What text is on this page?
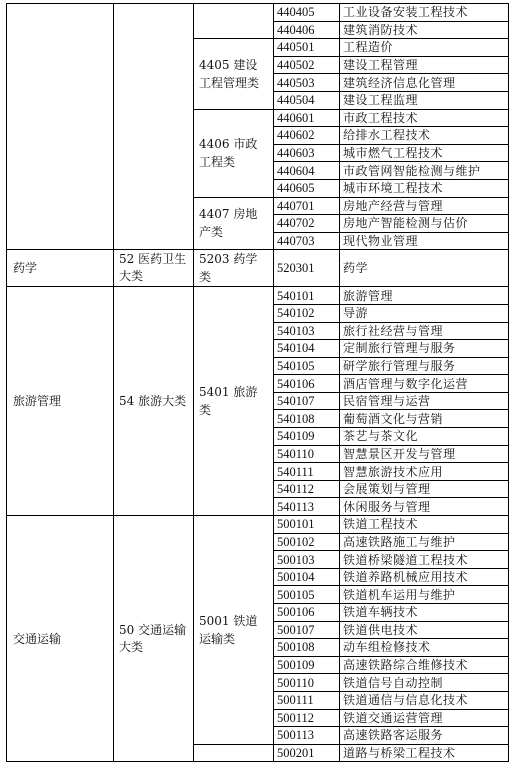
			440405	工业设备安装工程技术
			440406	建筑消防技术
		4405 建设工程管理类	440501	工程造价
			440502	建设工程管理
			440503	建筑经济信息化管理
			440504	建设工程监理
		4406 市政工程类	440601	市政工程技术
			440602	给排水工程技术
			440603	城市燃气工程技术
			440604	市政管网智能检测与维护
			440605	城市环境工程技术
		4407 房地产类	440701	房地产经营与管理
			440702	房地产智能检测与估价
			440703	现代物业管理
药学	52 医药卫生大类	5203 药学类	520301	药学
旅游管理	54 旅游大类	5401 旅游类	540101	旅游管理
			540102	导游
			540103	旅行社经营与管理
			540104	定制旅行管理与服务
			540105	研学旅行管理与服务
			540106	酒店管理与数字化运营
			540107	民宿管理与运营
			540108	葡萄酒文化与营销
			540109	茶艺与茶文化
			540110	智慧景区开发与管理
			540111	智慧旅游技术应用
			540112	会展策划与管理
			540113	休闲服务与管理
交通运输	50 交通运输大类	5001 铁道运输类	500101	铁道工程技术
			500102	高速铁路施工与维护
			500103	铁道桥梁隧道工程技术
			500104	铁道养路机械应用技术
			500105	铁道机车运用与维护
			500106	铁道车辆技术
			500107	铁道供电技术
			500108	动车组检修技术
			500109	高速铁路综合维修技术
			500110	铁道信号自动控制
			500111	铁道通信与信息化技术
			500112	铁道交通运营管理
			500113	高速铁路客运服务
			500201	道路与桥梁工程技术
